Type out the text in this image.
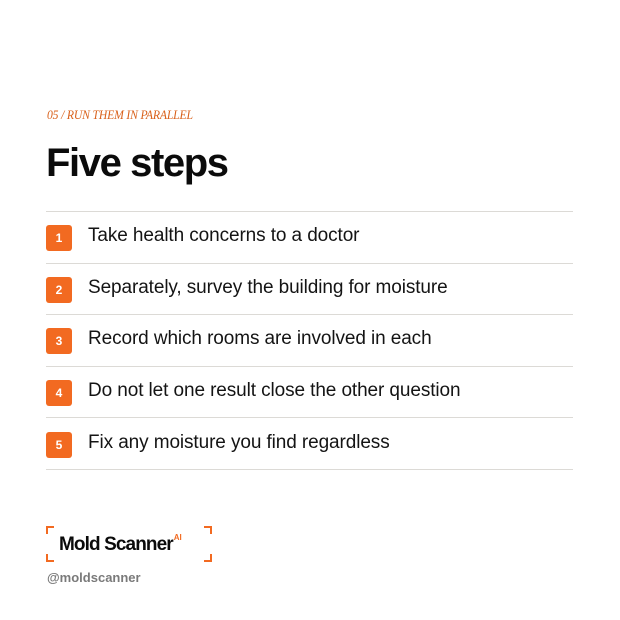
05 / RUN THEM IN PARALLEL
Five steps
1	Take health concerns to a doctor
2	Separately, survey the building for moisture
3	Record which rooms are involved in each
4	Do not let one result close the other question
5	Fix any moisture you find regardless
Mold Scanner$^{AI}$
@moldscanner
